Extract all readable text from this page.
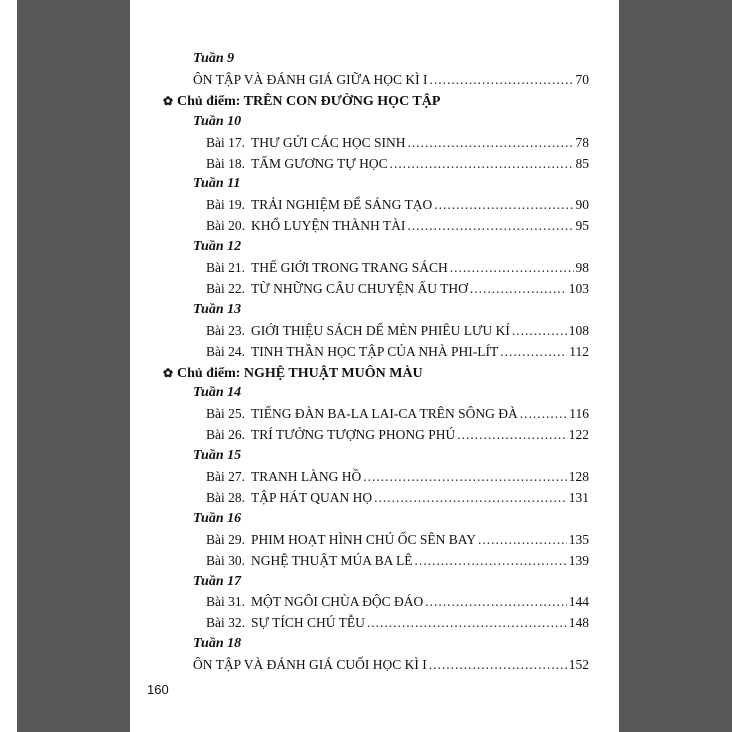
Tuần 9
ÔN TẬP VÀ ĐÁNH GIÁ GIỮA HỌC KÌ I .....	70
✿ Chủ điểm: TRÊN CON ĐƯỜNG HỌC TẬP
Tuần 10
Bài 17. THƯ GỬI CÁC HỌC SINH .....	78
Bài 18. TẤM GƯƠNG TỰ HỌC .....	85
Tuần 11
Bài 19. TRẢI NGHIỆM ĐỂ SÁNG TẠO .....	90
Bài 20. KHỔ LUYỆN THÀNH TÀI .....	95
Tuần 12
Bài 21. THẾ GIỚI TRONG TRANG SÁCH .....	98
Bài 22. TỪ NHỮNG CÂU CHUYỆN ẤU THƠ .....	103
Tuần 13
Bài 23. GIỚI THIỆU SÁCH DẾ MÈN PHIÊU LƯU KÍ .....	108
Bài 24. TINH THẦN HỌC TẬP CỦA NHÀ PHI-LÍT .....	112
✿ Chủ điểm: NGHỆ THUẬT MUÔN MÀU
Tuần 14
Bài 25. TIẾNG ĐÀN BA-LA LAI-CA TRÊN SÔNG ĐÀ .....	116
Bài 26. TRÍ TƯỞNG TƯỢNG PHONG PHÚ .....	122
Tuần 15
Bài 27. TRANH LÀNG HỒ .....	128
Bài 28. TẬP HÁT QUAN HỌ .....	131
Tuần 16
Bài 29. PHIM HOẠT HÌNH CHÚ ỐC SÊN BAY .....	135
Bài 30. NGHỆ THUẬT MÚA BA LÊ .....	139
Tuần 17
Bài 31. MỘT NGÔI CHÙA ĐỘC ĐÁO .....	144
Bài 32. SỰ TÍCH CHÚ TỄU .....	148
Tuần 18
ÔN TẬP VÀ ĐÁNH GIÁ CUỐI HỌC KÌ I .....	152
160
